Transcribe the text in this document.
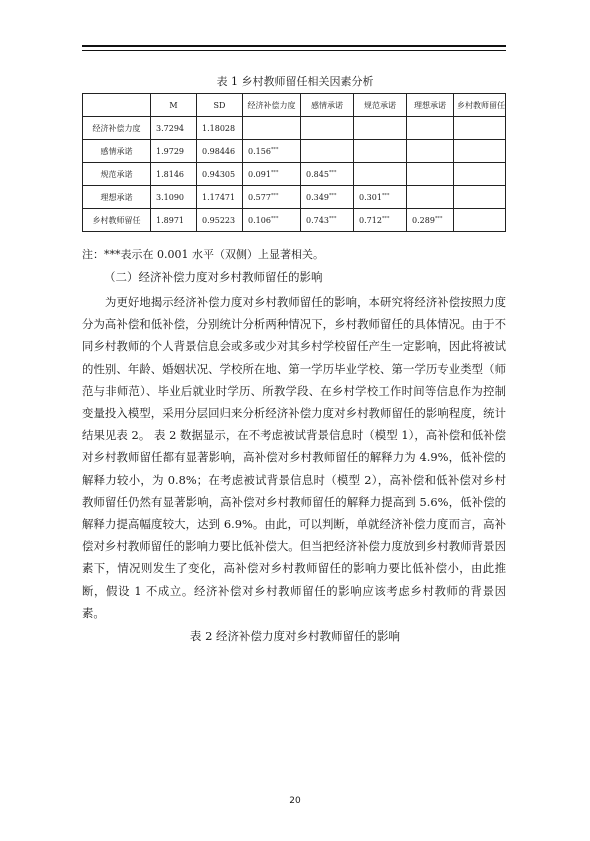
表 1 乡村教师留任相关因素分析
	M	SD	经济补偿力度	感情承诺	规范承诺	理想承诺	乡村教师留任
经济补偿力度	3.7294	1.18028					
感情承诺	1.9729	0.98446	0.156***				
规范承诺	1.8146	0.94305	0.091***	0.845***			
理想承诺	3.1090	1.17471	0.577***	0.349***	0.301***		
乡村教师留任	1.8971	0.95223	0.106***	0.743***	0.712***	0.289***	
注：***表示在 0.001 水平（双侧）上显著相关。
（二）经济补偿力度对乡村教师留任的影响

为更好地揭示经济补偿力度对乡村教师留任的影响，本研究将经济补偿按照力度分为高补偿和低补偿，分别统计分析两种情况下，乡村教师留任的具体情况。由于不同乡村教师的个人背景信息会或多或少对其乡村学校留任产生一定影响，因此将被试的性别、年龄、婚姻状况、学校所在地、第一学历毕业学校、第一学历专业类型（师范与非师范）、毕业后就业时学历、所教学段、在乡村学校工作时间等信息作为控制变量投入模型，采用分层回归来分析经济补偿力度对乡村教师留任的影响程度，统计结果见表 2。 表 2 数据显示，在不考虑被试背景信息时（模型 1），高补偿和低补偿对乡村教师留任都有显著影响，高补偿对乡村教师留任的解释力为 4.9%，低补偿的解释力较小，为 0.8%；在考虑被试背景信息时（模型 2），高补偿和低补偿对乡村教师留任仍然有显著影响，高补偿对乡村教师留任的解释力提高到 5.6%，低补偿的解释力提高幅度较大，达到 6.9%。由此，可以判断，单就经济补偿力度而言，高补偿对乡村教师留任的影响力要比低补偿大。但当把经济补偿力度放到乡村教师背景因素下，情况则发生了变化，高补偿对乡村教师留任的影响力要比低补偿小，由此推断，假设 1 不成立。经济补偿对乡村教师留任的影响应该考虑乡村教师的背景因素。

表 2 经济补偿力度对乡村教师留任的影响
20
